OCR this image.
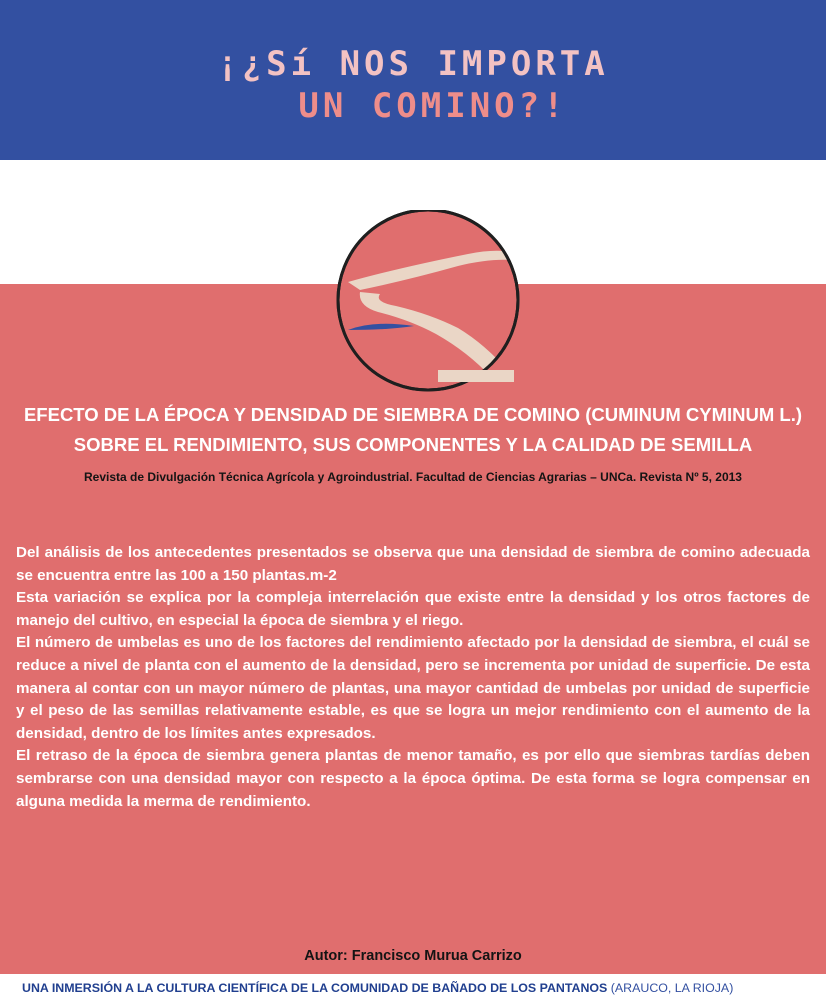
¡¿Sí NOS IMPORTA
UN COMINO?!
EFECTO DE LA ÉPOCA Y DENSIDAD DE SIEMBRA DE COMINO (CUMINUM CYMINUM L.)
SOBRE EL RENDIMIENTO, SUS COMPONENTES Y LA CALIDAD DE SEMILLA
Revista de Divulgación Técnica Agrícola y Agroindustrial. Facultad de Ciencias Agrarias – UNCa. Revista Nº 5, 2013

Del análisis de los antecedentes presentados se observa que una densidad de siembra de comino adecuada se encuentra entre las 100 a 150 plantas.m-2

Esta variación se explica por la compleja interrelación que existe entre la densidad y los otros factores de manejo del cultivo, en especial la época de siembra y el riego.

El número de umbelas es uno de los factores del rendimiento afectado por la densidad de siembra, el cuál se reduce a nivel de planta con el aumento de la densidad, pero se incrementa por unidad de superficie. De esta manera al contar con un mayor número de plantas, una mayor cantidad de umbelas por unidad de superficie y el peso de las semillas relativamente estable, es que se logra un mejor rendimiento con el aumento de la densidad, dentro de los límites antes expresados.

El retraso de la época de siembra genera plantas de menor tamaño, es por ello que siembras tardías deben sembrarse con una densidad mayor con respecto a la época óptima. De esta forma se logra compensar en alguna medida la merma de rendimiento.

Autor: Francisco Murua Carrizo
UNA INMERSIÓN A LA CULTURA CIENTÍFICA DE LA COMUNIDAD DE BAÑADO DE LOS PANTANOS (ARAUCO, LA RIOJA)
